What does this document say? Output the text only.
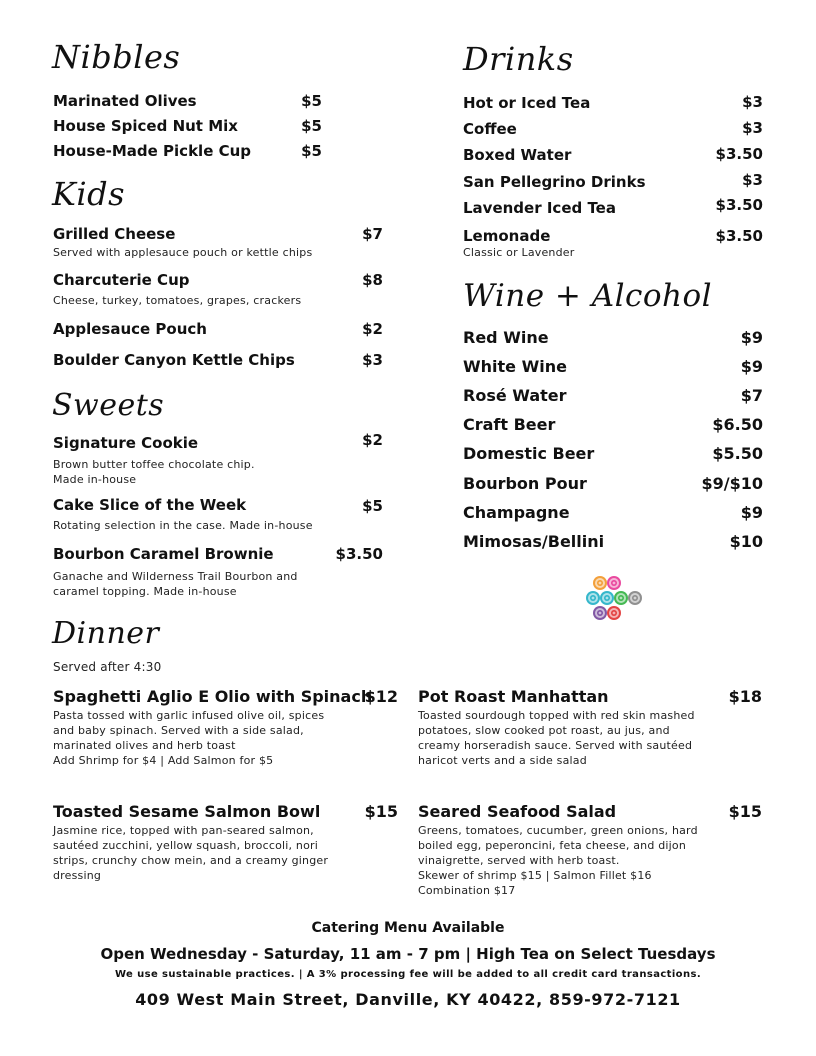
Nibbles
Marinated Olives	$5
House Spiced Nut Mix	$5
House-Made Pickle Cup	$5
Kids
Grilled Cheese	$7
Served with applesauce pouch or kettle chips
Charcuterie Cup	$8
Cheese, turkey, tomatoes, grapes, crackers
Applesauce Pouch	$2
Boulder Canyon Kettle Chips	$3
Sweets
Signature Cookie	$2
Brown butter toffee chocolate chip.
Made in-house
Cake Slice of the Week	$5
Rotating selection in the case. Made in-house
Bourbon Caramel Brownie	$3.50
Ganache and Wilderness Trail Bourbon and
caramel topping. Made in-house
Drinks
Hot or Iced Tea	$3
Coffee	$3
Boxed Water	$3.50
San Pellegrino Drinks	$3
Lavender Iced Tea	$3.50
Lemonade	$3.50
Classic or Lavender
Wine + Alcohol
Red Wine	$9
White Wine	$9
Rosé Water	$7
Craft Beer	$6.50
Domestic Beer	$5.50
Bourbon Pour	$9/$10
Champagne	$9
Mimosas/Bellini	$10
Dinner
Served after 4:30
Spaghetti Aglio E Olio with Spinach
$12
Pasta tossed with garlic infused olive oil, spices
and baby spinach. Served with a side salad,
marinated olives and herb toast
Add Shrimp for $4 | Add Salmon for $5
Pot Roast Manhattan	$18
Toasted sourdough topped with red skin mashed
potatoes, slow cooked pot roast, au jus, and
creamy horseradish sauce. Served with sautéed
haricot verts and a side salad
Toasted Sesame Salmon Bowl	$15
Jasmine rice, topped with pan-seared salmon,
sautéed zucchini, yellow squash, broccoli, nori
strips, crunchy chow mein, and a creamy ginger
dressing
Seared Seafood Salad	$15
Greens, tomatoes, cucumber, green onions, hard
boiled egg, peperoncini, feta cheese, and dijon
vinaigrette, served with herb toast.
Skewer of shrimp $15 | Salmon Fillet $16
Combination $17
Catering Menu Available
Open Wednesday - Saturday, 11 am - 7 pm | High Tea on Select Tuesdays
We use sustainable practices. | A 3% processing fee will be added to all credit card transactions.
409 West Main Street, Danville, KY 40422, 859-972-7121
